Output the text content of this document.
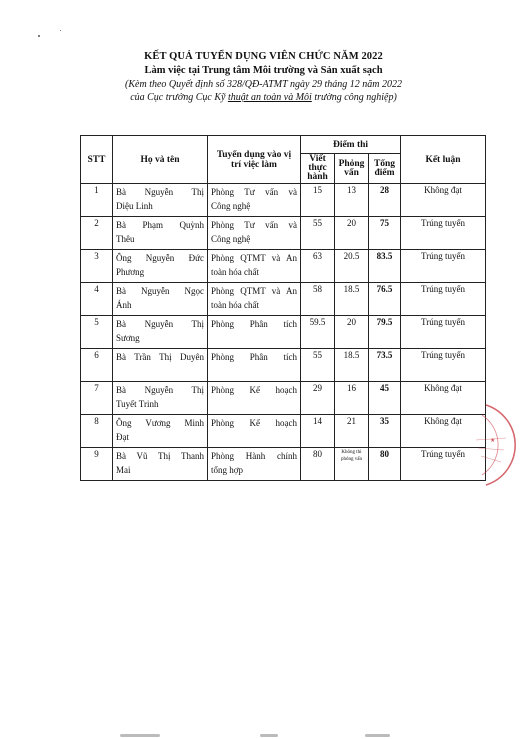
KẾT QUẢ TUYỂN DỤNG VIÊN CHỨC NĂM 2022
Làm việc tại Trung tâm Môi trường và Sản xuất sạch
(Kèm theo Quyết định số 328/QĐ-ATMT ngày 29 tháng 12 năm 2022
của Cục trưởng Cục Kỹ thuật an toàn và Môi trường công nghiệp)
STT	Họ và tên	Tuyển dụng vào vị trí việc làm	Điểm thi			Kết luận
			Viết thực hành	Phỏng vấn	Tổng điểm	
1	Bà Nguyễn Thị
Diệu Linh	Phòng Tư vấn và
Công nghệ	15	13	28	Không đạt
2	Bà Phạm Quỳnh
Thêu	Phòng Tư vấn và
Công nghệ	55	20	75	Trúng tuyển
3	Ông Nguyễn Đức
Phương	Phòng QTMT và An
toàn hóa chất	63	20.5	83.5	Trúng tuyển
4	Bà Nguyễn Ngọc
Ánh	Phòng QTMT và An
toàn hóa chất	58	18.5	76.5	Trúng tuyển
5	Bà Nguyễn Thị
Sương	Phòng Phân tích	59.5	20	79.5	Trúng tuyển
6	Bà Trần Thị Duyên	Phòng Phân tích	55	18.5	73.5	Trúng tuyển
7	Bà Nguyễn Thị
Tuyết Trinh	Phòng Kế hoạch	29	16	45	Không đạt
8	Ông Vương Minh
Đạt	Phòng Kế hoạch	14	21	35	Không đạt
9	Bà Vũ Thị Thanh
Mai	Phòng Hành chính
tổng hợp	80	Không thi phỏng vấn	80	Trúng tuyển
★
